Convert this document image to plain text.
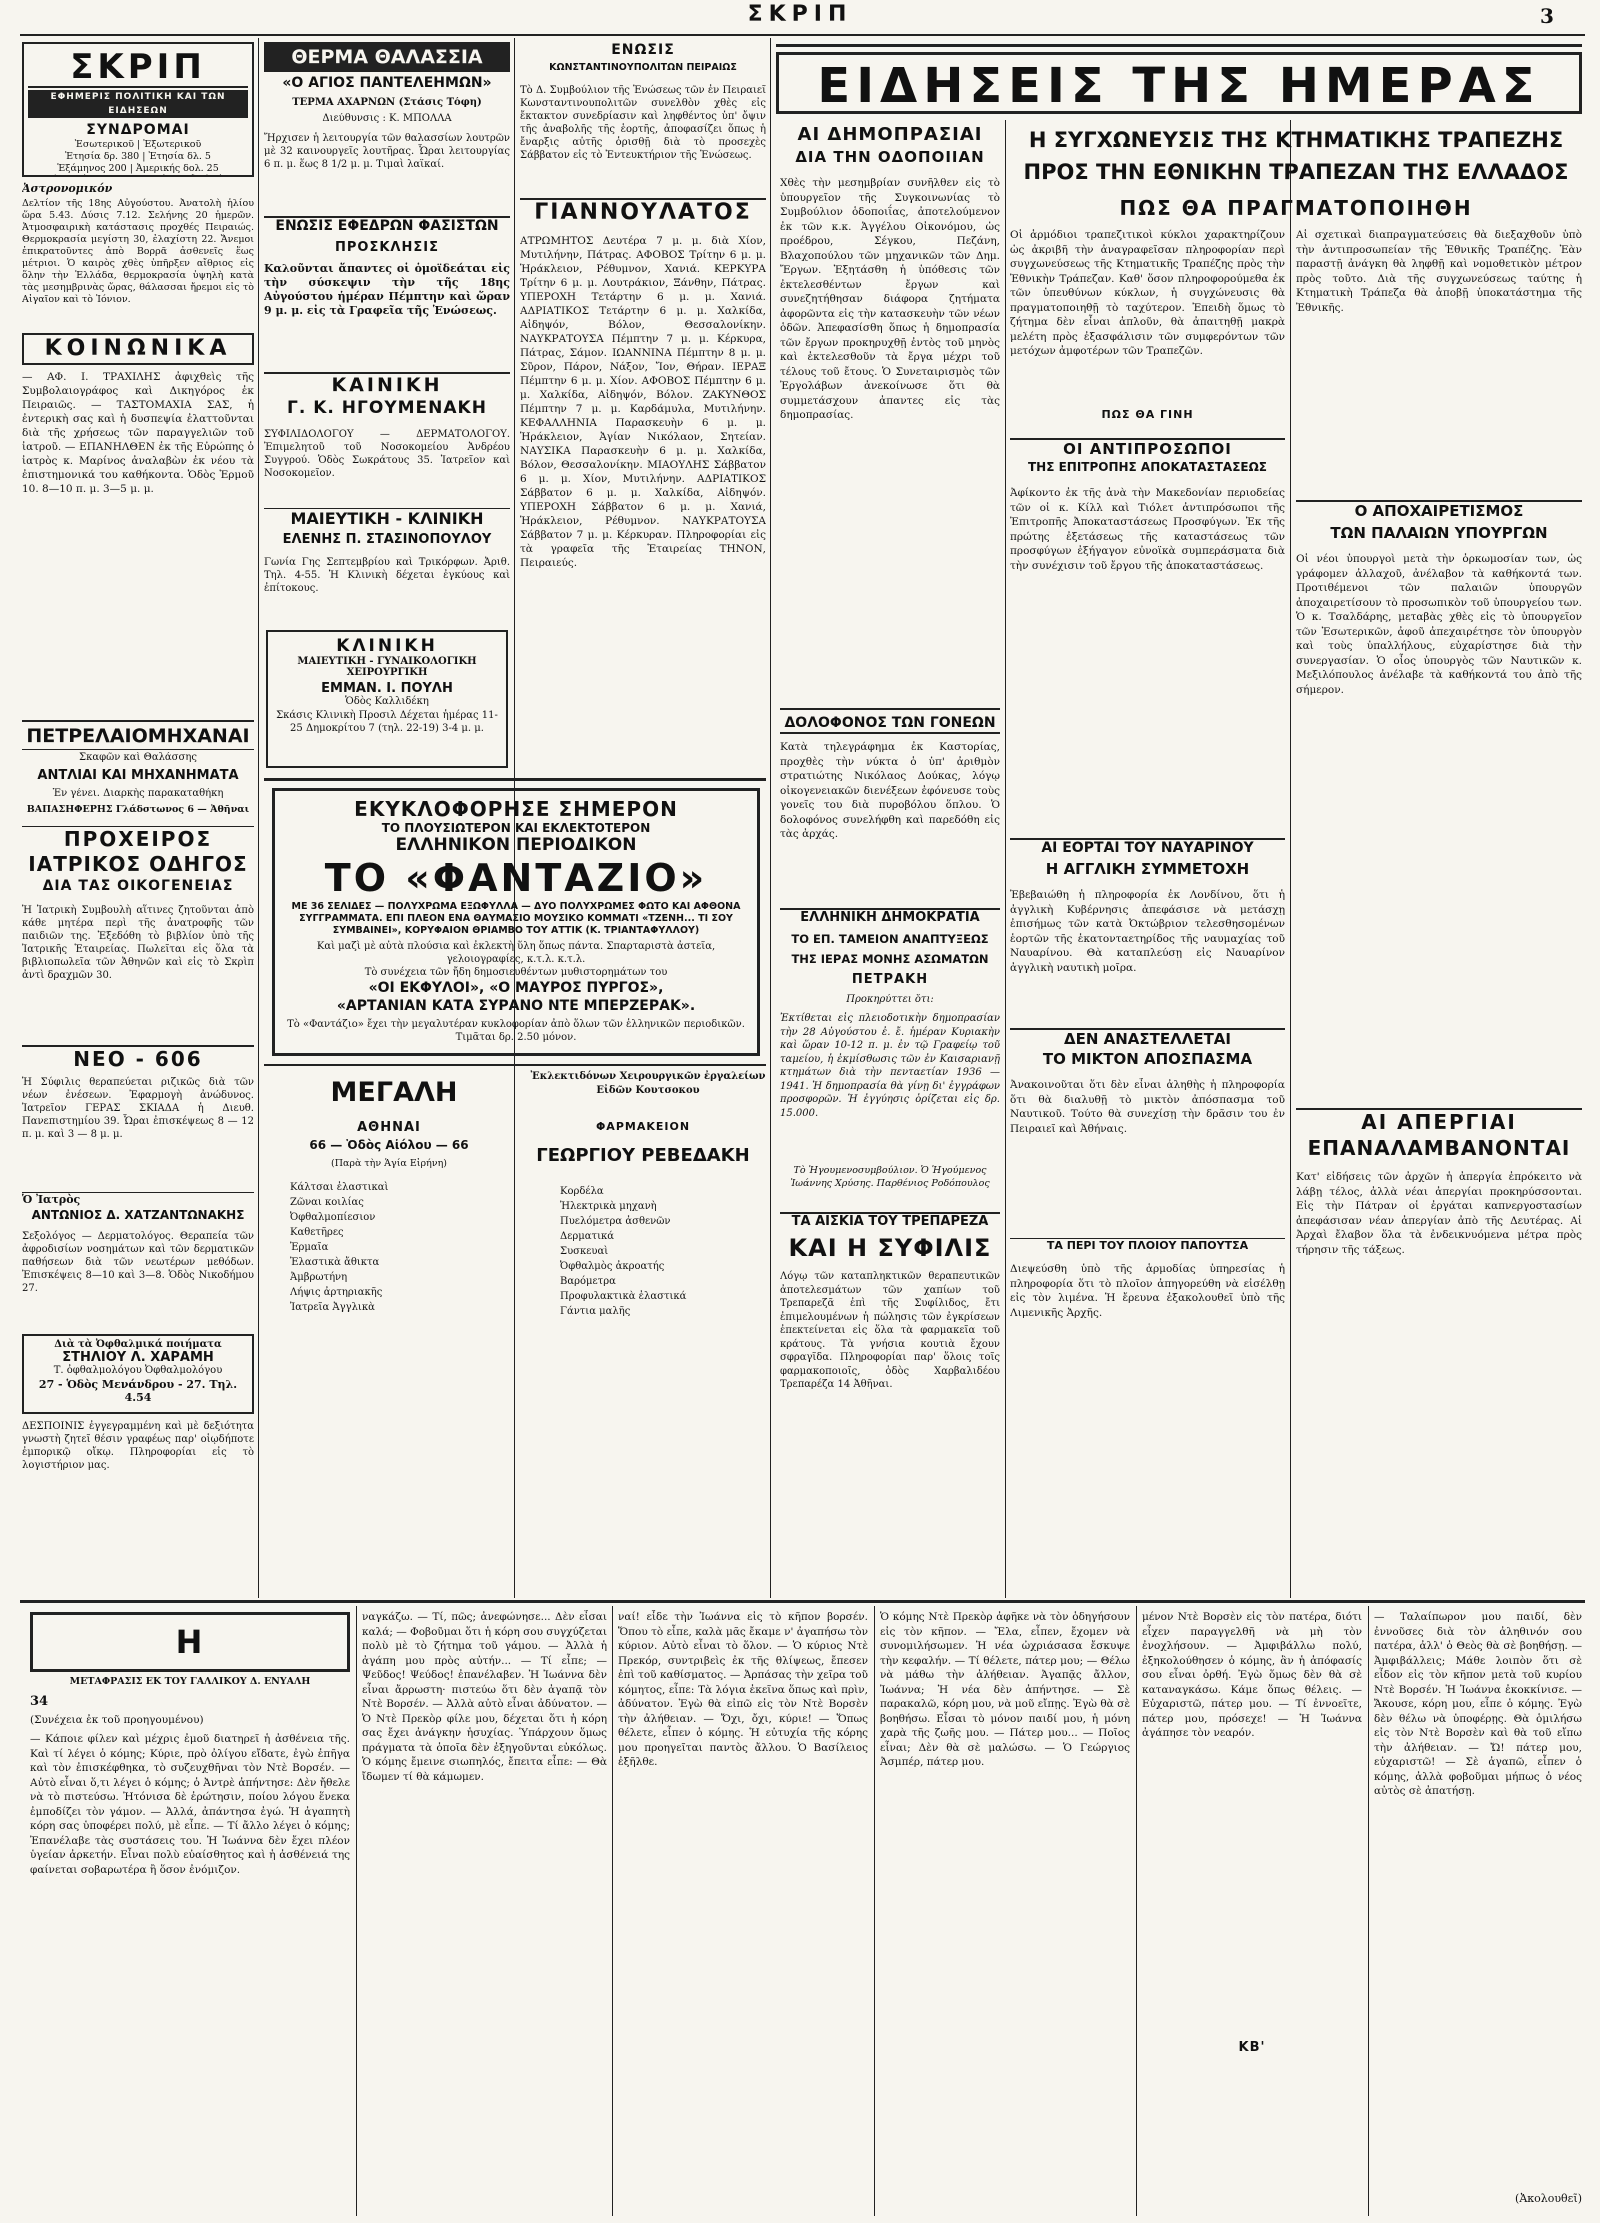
ΣΚΡΙΠ	3
ΣΚΡΙΠ
ΕΦΗΜΕΡΙΣ ΠΟΛΙΤΙΚΗ ΚΑΙ ΤΩΝ ΕΙΔΗΣΕΩΝ
ΣΥΝΔΡΟΜΑΙ
Ἐσωτερικοῦ | Ἐξωτερικοῦ
Ἐτησία δρ. 380 | Ἐτησία δλ. 5
Ἑξάμηνος 200 | Ἀμερικής δολ. 25
Ἀστρονομικόν
Δελτίον τῆς 18ης Αὐγούστου. Ἀνατολὴ ἡλίου ὥρα 5.43. Δύσις 7.12. Σελήνης 20 ἡμερῶν. Ἀτμοσφαιρικὴ κατάστασις προχθές Πειραιώς. Θερμοκρασία μεγίστη 30, ἐλαχίστη 22. Ἄνεμοι ἐπικρατοῦντες ἀπὸ Βορρᾶ ἀσθενεῖς ἕως μέτριοι. Ὁ καιρὸς χθὲς ὑπῆρξεν αἴθριος εἰς ὅλην τὴν Ἑλλάδα, θερμοκρασία ὑψηλὴ κατὰ τὰς μεσημβρινὰς ὥρας, θάλασσαι ἤρεμοι εἰς τὸ Αἰγαῖον καὶ τὸ Ἰόνιον.
ΚΟΙΝΩΝΙΚΑ
— ΑΦ. Ι. ΤΡΑΧΙΛΗΣ ἀφιχθεὶς τῆς Συμβολαιογράφος καὶ Δικηγόρος ἐκ Πειραιῶς. — ΤΑΣΤΟΜΑΧΙΑ ΣΑΣ, ἡ ἐντερικὴ σας καὶ ἡ δυσπεψία ἐλαττοῦνται διὰ τῆς χρήσεως τῶν παραγγελιῶν τοῦ ἰατροῦ. — ΕΠΑΝΗΛΘΕΝ ἐκ τῆς Εὐρώπης ὁ ἰατρὸς κ. Μαρίνος ἀναλαβὼν ἐκ νέου τὰ ἐπιστημονικά του καθήκοντα. Ὁδὸς Ἑρμοῦ 10. 8—10 π. μ. 3—5 μ. μ.
ΠΕΤΡΕΛΑΙΟΜΗΧΑΝΑΙ
Σκαφῶν καὶ Θαλάσσης
ΑΝΤΛΙΑΙ ΚΑΙ ΜΗΧΑΝΗΜΑΤΑ
Ἐν γένει. Διαρκὴς παρακαταθήκη
ΒΑΠΑΣΗΦΕΡΗΣ Γλάδστωνος 6 — Ἀθῆναι
ΠΡΟΧΕΙΡΟΣ
ΙΑΤΡΙΚΟΣ ΟΔΗΓΟΣ
ΔΙΑ ΤΑΣ ΟΙΚΟΓΕΝΕΙΑΣ
Ἡ Ἰατρικὴ Συμβουλὴ αἵτινες ζητοῦνται ἀπὸ κάθε μητέρα περὶ τῆς ἀνατροφῆς τῶν παιδιῶν της. Ἐξεδόθη τὸ βιβλίον ὑπὸ τῆς Ἰατρικῆς Ἑταιρείας. Πωλεῖται εἰς ὅλα τὰ βιβλιοπωλεῖα τῶν Ἀθηνῶν καὶ εἰς τὸ Σκρὶπ ἀντὶ δραχμῶν 30.
ΝΕΟ - 606
Ἡ Σύφιλις θεραπεύεται ριζικῶς διὰ τῶν νέων ἐνέσεων. Ἐφαρμογὴ ἀνώδυνος. Ἰατρεῖον ΓΕΡΑΣ ΣΚΙΑΔΑ ἡ Διευθ. Πανεπιστημίου 39. Ὧραι ἐπισκέψεως 8 — 12 π. μ. καὶ 3 — 8 μ. μ.
Ὁ Ἰατρὸς
ΑΝΤΩΝΙΟΣ Δ. ΧΑΤΖΑΝΤΩΝΑΚΗΣ
Σεξολόγος — Δερματολόγος. Θεραπεία τῶν ἀφροδισίων νοσημάτων καὶ τῶν δερματικῶν παθήσεων διὰ τῶν νεωτέρων μεθόδων. Ἐπισκέψεις 8—10 καὶ 3—8. Ὁδὸς Νικοδήμου 27.
Διὰ τὰ Ὀφθαλμικά ποιήματα
ΣΤΗΛΙΟΥ Λ. ΧΑΡΑΜΗ
Τ. ὀφθαλμολόγου Ὀφθαλμολόγου
27 - Ὁδὸς Μενάνδρου - 27. Τηλ. 4.54
ΔΕΣΠΟΙΝΙΣ ἐγγεγραμμένη καὶ μὲ δεξιότητα γνωστὴ ζητεῖ θέσιν γραφέως παρ' οἱῳδήποτε ἐμπορικῷ οἴκῳ. Πληροφορίαι εἰς τὸ λογιστήριον μας.
ΘΕΡΜΑ ΘΑΛΑΣΣΙΑ
«Ο ΑΓΙΟΣ ΠΑΝΤΕΛΕΗΜΩΝ»
ΤΕΡΜΑ ΑΧΑΡΝΩΝ (Στάσις Τόφη)
Διεύθυνσις : Κ. ΜΠΟΛΛΑ
Ἤρχισεν ἡ λειτουργία τῶν θαλασσίων λουτρῶν μὲ 32 καινουργεῖς λουτῆρας. Ὧραι λειτουργίας 6 π. μ. ἕως 8 1/2 μ. μ. Τιμαὶ λαϊκαί.
ΕΝΩΣΙΣ ΕΦΕΔΡΩΝ ΦΑΣΙΣΤΩΝ
ΠΡΟΣΚΛΗΣΙΣ
Καλοῦνται ἅπαντες οἱ ὁμοϊδεάται εἰς τὴν σύσκεψιν τὴν τῆς 18ης Αὐγούστου ἡμέραν Πέμπτην καὶ ὥραν 9 μ. μ. εἰς τὰ Γραφεῖα τῆς Ἑνώσεως.
ΚΑΙΝΙΚΗ
Γ. Κ. ΗΓΟΥΜΕΝΑΚΗ
ΣΥΦΙΛΙΔΟΛΟΓΟΥ — ΔΕΡΜΑΤΟΛΟΓΟΥ. Ἐπιμελητοῦ τοῦ Νοσοκομείου Ἀνδρέου Συγγρού. Ὁδὸς Σωκράτους 35. Ἰατρεῖον καὶ Νοσοκομεῖον.
ΜΑΙΕΥΤΙΚΗ - ΚΛΙΝΙΚΗ
ΕΛΕΝΗΣ Π. ΣΤΑΣΙΝΟΠΟΥΛΟΥ
Γωνία Γης Σεπτεμβρίου καὶ Τρικόρφων. Ἀριθ. Τηλ. 4-55. Ἡ Κλινικὴ δέχεται ἐγκύους καὶ ἐπίτοκους.
ΚΛΙΝΙΚΗ
ΜΑΙΕΥΤΙΚΗ - ΓΥΝΑΙΚΟΛΟΓΙΚΗ ΧΕΙΡΟΥΡΓΙΚΗ
ΕΜΜΑΝ. Ι. ΠΟΥΛΗ
Ὁδὸς Καλλιδέκη
Σκάσις Κλινικὴ Προσιλ Δέχεται ἡμέρας 11-25 Δημοκρίτου 7 (τηλ. 22-19) 3-4 μ. μ.
ΕΝΩΣΙΣ
ΚΩΝΣΤΑΝΤΙΝΟΥΠΟΛΙΤΩΝ ΠΕΙΡΑΙΩΣ
Τὸ Δ. Συμβούλιον τῆς Ἑνώσεως τῶν ἐν Πειραιεῖ Κωνσταντινουπολιτῶν συνελθὸν χθὲς εἰς ἔκτακτον συνεδρίασιν καὶ ληφθέντος ὑπ' ὄψιν τῆς ἀναβολῆς τῆς ἑορτῆς, ἀποφασίζει ὅπως ἡ ἔναρξις αὐτῆς ὁρισθῇ διὰ τὸ προσεχὲς Σάββατον εἰς τὸ Ἐντευκτήριον τῆς Ἑνώσεως.
ΓΙΑΝΝΟΥΛΑΤΟΣ
ΑΤΡΩΜΗΤΟΣ Δευτέρα 7 μ. μ. διὰ Χίον, Μυτιλήνην, Πάτρας. ΑΦΟΒΟΣ Τρίτην 6 μ. μ. Ἡράκλειον, Ρέθυμνον, Χανιά. ΚΕΡΚΥΡΑ Τρίτην 6 μ. μ. Λουτράκιον, Ξάνθην, Πάτρας. ΥΠΕΡΟΧΗ Τετάρτην 6 μ. μ. Χανιά. ΑΔΡΙΑΤΙΚΟΣ Τετάρτην 6 μ. μ. Χαλκίδα, Αἰδηψόν, Βόλον, Θεσσαλονίκην. ΝΑΥΚΡΑΤΟΥΣΑ Πέμπτην 7 μ. μ. Κέρκυρα, Πάτρας, Σάμον. ΙΩΑΝΝΙΝΑ Πέμπτην 8 μ. μ. Σῦρον, Πάρον, Νάξον, Ἴον, Θήραν. ΙΕΡΑΞ Πέμπτην 6 μ. μ. Χίον. ΑΦΟΒΟΣ Πέμπτην 6 μ. μ. Χαλκίδα, Αἰδηψόν, Βόλον. ΖΑΚΥΝΘΟΣ Πέμπτην 7 μ. μ. Καρδάμυλα, Μυτιλήνην. ΚΕΦΑΛΛΗΝΙΑ Παρασκευὴν 6 μ. μ. Ἡράκλειον, Ἀγίαν Νικόλαον, Σητείαν. ΝΑΥΣΙΚΑ Παρασκευὴν 6 μ. μ. Χαλκίδα, Βόλον, Θεσσαλονίκην. ΜΙΑΟΥΛΗΣ Σάββατον 6 μ. μ. Χίον, Μυτιλήνην. ΑΔΡΙΑΤΙΚΟΣ Σάββατον 6 μ. μ. Χαλκίδα, Αἰδηψόν. ΥΠΕΡΟΧΗ Σάββατον 6 μ. μ. Χανιά, Ἡράκλειον, Ρέθυμνον. ΝΑΥΚΡΑΤΟΥΣΑ Σάββατον 7 μ. μ. Κέρκυραν. Πληροφορίαι εἰς τὰ γραφεῖα τῆς Ἑταιρείας ΤΗΝΟΝ, Πειραιεύς.
ΕΚΥΚΛΟΦΟΡΗΣΕ ΣΗΜΕΡΟΝ
ΤΟ ΠΛΟΥΣΙΩΤΕΡΟΝ ΚΑΙ ΕΚΛΕΚΤΟΤΕΡΟΝ
ΕΛΛΗΝΙΚΟΝ ΠΕΡΙΟΔΙΚΟΝ
ΤΟ «ΦΑΝΤΑΖΙΟ»
ΜΕ 36 ΣΕΛΙΔΕΣ — ΠΟΛΥΧΡΩΜΑ ΕΞΩΦΥΛΛΑ — ΔΥΟ ΠΟΛΥΧΡΩΜΕΣ ΦΩΤΟ ΚΑΙ ΑΦΘΟΝΑ ΣΥΓΓΡΑΜΜΑΤΑ. ΕΠΙ ΠΛΕΟΝ ΕΝΑ ΘΑΥΜΑΣΙΟ ΜΟΥΣΙΚΟ ΚΟΜΜΑΤΙ «ΤΖΕΝΗ... ΤΙ ΣΟΥ ΣΥΜΒΑΙΝΕΙ», ΚΟΡΥΦΑΙΟΝ ΘΡΙΑΜΒΟ ΤΟΥ ΑΤΤΙΚ (Κ. ΤΡΙΑΝΤΑΦΥΛΛΟΥ)
Καὶ μαζὶ μὲ αὐτὰ πλούσια καὶ ἐκλεκτὴ ὕλη ὅπως πάντα. Σπαρταριστὰ ἀστεῖα, γελοιογραφίες, κ.τ.λ. κ.τ.λ.
Τὸ συνέχεια τῶν ἤδη δημοσιευθέντων μυθιστορημάτων του
«ΟΙ ΕΚΦΥΛΟΙ», «Ο ΜΑΥΡΟΣ ΠΥΡΓΟΣ»,
«ΑΡΤΑΝΙΑΝ ΚΑΤΑ ΣΥΡΑΝΟ ΝΤΕ ΜΠΕΡΖΕΡΑΚ».
Τὸ «Φαντάζιο» ἔχει τὴν μεγαλυτέραν κυκλοφορίαν ἀπὸ ὅλων τῶν ἑλληνικῶν περιοδικῶν. Τιμᾶται δρ. 2.50 μόνον.
ΜΕΓΑΛΗ
Ἐκλεκτιδόνων Χειρουργικῶν ἐργαλείων Εἰδῶν Κουτσοκου
ΑΘΗΝΑΙ
66 — Ὁδὸς Αἰόλου — 66
(Παρὰ τὴν Ἁγία Εἰρήνη)
Κάλτσαι ἐλαστικαὶ
Ζῶναι κοιλίας
Ὀφθαλμοπίεσιον
Καθετῆρες
Ἐρμαῖα
Ἐλαστικὰ ἄθικτα
Ἀμβρωτήνη
Λήψις ἀρτηριακῆς
Ἰατρεῖα Ἀγγλικὰ
ΦΑΡΜΑΚΕΙΟΝ
ΓΕΩΡΓΙΟΥ ΡΕΒΕΔΑΚΗ
Κορδέλα
Ἠλεκτρικὰ μηχανὴ
Πυελόμετρα ἀσθενῶν
Δερματικά
Συσκευαὶ
Ὀφθαλμὸς ἀκροατής
Βαρόμετρα
Προφυλακτικὰ ἐλαστικά
Γάντια μαλῆς
ΕΙΔΗΣΕΙΣ ΤΗΣ ΗΜΕΡΑΣ
ΑΙ ΔΗΜΟΠΡΑΣΙΑΙ
ΔΙΑ ΤΗΝ ΟΔΟΠΟΙΙΑΝ
Χθὲς τὴν μεσημβρίαν συνῆλθεν εἰς τὸ ὑπουργεῖον τῆς Συγκοινωνίας τὸ Συμβούλιον ὁδοποιΐας, ἀποτελούμενον ἐκ τῶν κ.κ. Ἀγγέλου Οἰκονόμου, ὡς προέδρου, Σέγκου, Πεζάνη, Βλαχοπούλου τῶν μηχανικῶν τῶν Δημ. Ἔργων. Ἐξητάσθη ἡ ὑπόθεσις τῶν ἐκτελεσθέντων ἔργων καὶ συνεζητήθησαν διάφορα ζητήματα ἀφορῶντα εἰς τὴν κατασκευὴν τῶν νέων ὁδῶν. Ἀπεφασίσθη ὅπως ἡ δημοπρασία τῶν ἔργων προκηρυχθῇ ἐντὸς τοῦ μηνὸς καὶ ἐκτελεσθοῦν τὰ ἔργα μέχρι τοῦ τέλους τοῦ ἔτους. Ὁ Συνεταιρισμὸς τῶν Ἐργολάβων ἀνεκοίνωσε ὅτι θὰ συμμετάσχουν ἀπαντες εἰς τὰς δημοπρασίας.
ΔΟΛΟΦΟΝΟΣ ΤΩΝ ΓΟΝΕΩΝ
Κατὰ τηλεγράφημα ἐκ Καστορίας, προχθὲς τὴν νύκτα ὁ ὑπ' ἀριθμὸν στρατιώτης Νικόλαος Δούκας, λόγῳ οἰκογενειακῶν διενέξεων ἐφόνευσε τοὺς γονεῖς του διὰ πυροβόλου ὅπλου. Ὁ δολοφόνος συνελήφθη καὶ παρεδόθη εἰς τὰς ἀρχάς.
ΕΛΛΗΝΙΚΗ ΔΗΜΟΚΡΑΤΙΑ
ΤΟ ΕΠ. ΤΑΜΕΙΟΝ ΑΝΑΠΤΥΞΕΩΣ
ΤΗΣ ΙΕΡΑΣ ΜΟΝΗΣ ΑΣΩΜΑΤΩΝ
ΠΕΤΡΑΚΗ
Προκηρύττει ὅτι:
Ἐκτίθεται εἰς πλειοδοτικὴν δημοπρασίαν τὴν 28 Αὐγούστου ἐ. ἔ. ἡμέραν Κυριακὴν καὶ ὥραν 10-12 π. μ. ἐν τῷ Γραφείῳ τοῦ ταμείου, ἡ ἐκμίσθωσις τῶν ἐν Καισαριανῇ κτημάτων διὰ τὴν πενταετίαν 1936 — 1941. Ἡ δημοπρασία θὰ γίνῃ δι' ἐγγράφων προσφορῶν. Ἡ ἐγγύησις ὁρίζεται εἰς δρ. 15.000.
Τὸ Ἡγουμενοσυμβούλιον. Ὁ Ἡγούμενος Ἰωάννης Χρύσης. Παρθένιος Ροδόπουλος
ΤΑ ΑΙΣΚΙΑ ΤΟΥ ΤΡΕΠΑΡΕΖΑ
ΚΑΙ Η ΣΥΦΙΛΙΣ
Λόγῳ τῶν καταπληκτικῶν θεραπευτικῶν ἀποτελεσμάτων τῶν χαπίων τοῦ Τρεπαρεζᾶ ἐπὶ τῆς Συφίλιδος, ἔτι ἐπιμελουμένων ἡ πώλησις τῶν ἐγκρίσεων ἐπεκτείνεται εἰς ὅλα τὰ φαρμακεῖα τοῦ κράτους. Τὰ γνήσια κουτιὰ ἔχουν σφραγῖδα. Πληροφορίαι παρ' ὅλοις τοῖς φαρμακοποιοῖς, ὁδὸς Χαρβαλιδέου Τρεπαρέζα 14 Ἀθῆναι.
Η ΣΥΓΧΩΝΕΥΣΙΣ ΤΗΣ ΚΤΗΜΑΤΙΚΗΣ ΤΡΑΠΕΖΗΣ ΠΡΟΣ ΤΗΝ ΕΘΝΙΚΗΝ ΤΡΑΠΕΖΑΝ ΤΗΣ ΕΛΛΑΔΟΣ
ΠΩΣ ΘΑ ΠΡΑΓΜΑΤΟΠΟΙΗΘΗ
Οἱ ἁρμόδιοι τραπεζιτικοὶ κύκλοι χαρακτηρίζουν ὡς ἀκριβῆ τὴν ἀναγραφεῖσαν πληροφορίαν περὶ συγχωνεύσεως τῆς Κτηματικῆς Τραπέζης πρὸς τὴν Ἐθνικὴν Τράπεζαν. Καθ' ὅσον πληροφορούμεθα ἐκ τῶν ὑπευθύνων κύκλων, ἡ συγχώνευσις θὰ πραγματοποιηθῇ τὸ ταχύτερον. Ἐπειδὴ ὅμως τὸ ζήτημα δὲν εἶναι ἁπλοῦν, θὰ ἀπαιτηθῇ μακρὰ μελέτη πρὸς ἐξασφάλισιν τῶν συμφερόντων τῶν μετόχων ἀμφοτέρων τῶν Τραπεζῶν.
ΠΩΣ ΘΑ ΓΙΝΗ
Αἱ σχετικαὶ διαπραγματεύσεις θὰ διεξαχθοῦν ὑπὸ τὴν ἀντιπροσωπείαν τῆς Ἐθνικῆς Τραπέζης. Ἐὰν παραστῇ ἀνάγκη θὰ ληφθῇ καὶ νομοθετικὸν μέτρον πρὸς τοῦτο. Διὰ τῆς συγχωνεύσεως ταύτης ἡ Κτηματικὴ Τράπεζα θὰ ἀποβῇ ὑποκατάστημα τῆς Ἐθνικῆς.
ΟΙ ΑΝΤΙΠΡΟΣΩΠΟΙ
ΤΗΣ ΕΠΙΤΡΟΠΗΣ ΑΠΟΚΑΤΑΣΤΑΣΕΩΣ
Ἀφίκοντο ἐκ τῆς ἀνὰ τὴν Μακεδονίαν περιοδείας τῶν οἱ κ. Κίλλ καὶ Τιόλετ ἀντιπρόσωποι τῆς Ἐπιτροπῆς Ἀποκαταστάσεως Προσφύγων. Ἐκ τῆς πρώτης ἐξετάσεως τῆς καταστάσεως τῶν προσφύγων ἐξήγαγον εὐνοϊκὰ συμπεράσματα διὰ τὴν συνέχισιν τοῦ ἔργου τῆς ἀποκαταστάσεως.
ΑΙ ΕΟΡΤΑΙ ΤΟΥ ΝΑΥΑΡΙΝΟΥ
Η ΑΓΓΛΙΚΗ ΣΥΜΜΕΤΟΧΗ
Ἐβεβαιώθη ἡ πληροφορία ἐκ Λονδίνου, ὅτι ἡ ἀγγλικὴ Κυβέρνησις ἀπεφάσισε νὰ μετάσχῃ ἐπισήμως τῶν κατὰ Ὀκτώβριον τελεσθησομένων ἑορτῶν τῆς ἑκατονταετηρίδος τῆς ναυμαχίας τοῦ Ναυαρίνου. Θὰ καταπλεύσῃ εἰς Ναυαρίνον ἀγγλικὴ ναυτικὴ μοῖρα.
ΔΕΝ ΑΝΑΣΤΕΛΛΕΤΑΙ
ΤΟ ΜΙΚΤΟΝ ΑΠΟΣΠΑΣΜΑ
Ἀνακοινοῦται ὅτι δὲν εἶναι ἀληθὴς ἡ πληροφορία ὅτι θὰ διαλυθῇ τὸ μικτὸν ἀπόσπασμα τοῦ Ναυτικοῦ. Τούτο θὰ συνεχίσῃ τὴν δρᾶσιν του ἐν Πειραιεῖ καὶ Ἀθήναις.
ΤΑ ΠΕΡΙ ΤΟΥ ΠΛΟΙΟΥ ΠΑΠΟΥΤΣΑ
Διεψεύσθη ὑπὸ τῆς ἁρμοδίας ὑπηρεσίας ἡ πληροφορία ὅτι τὸ πλοῖον ἀπηγορεύθη νὰ εἰσέλθῃ εἰς τὸν λιμένα. Ἡ ἔρευνα ἐξακολουθεῖ ὑπὸ τῆς Λιμενικῆς Ἀρχῆς.
Ο ΑΠΟΧΑΙΡΕΤΙΣΜΟΣ
ΤΩΝ ΠΑΛΑΙΩΝ ΥΠΟΥΡΓΩΝ
Οἱ νέοι ὑπουργοὶ μετὰ τὴν ὁρκωμοσίαν των, ὡς γράφομεν ἀλλαχοῦ, ἀνέλαβον τὰ καθήκοντά των. Προτιθέμενοι τῶν παλαιῶν ὑπουργῶν ἀποχαιρετίσουν τὸ προσωπικὸν τοῦ ὑπουργείου των. Ὁ κ. Τσαλδάρης, μεταβὰς χθὲς εἰς τὸ ὑπουργεῖον τῶν Ἐσωτερικῶν, ἀφοῦ ἀπεχαιρέτησε τὸν ὑπουργὸν καὶ τοὺς ὑπαλλήλους, εὐχαρίστησε διὰ τὴν συνεργασίαν. Ὁ οἶος ὑπουργὸς τῶν Ναυτικῶν κ. Μεξιλόπουλος ἀνέλαβε τὰ καθήκοντά του ἀπὸ τῆς σήμερον.
ΑΙ ΑΠΕΡΓΙΑΙ
ΕΠΑΝΑΛΑΜΒΑΝΟΝΤΑΙ
Κατ' εἰδήσεις τῶν ἀρχῶν ἡ ἀπεργία ἐπρόκειτο νὰ λάβῃ τέλος, ἀλλὰ νέαι ἀπεργίαι προκηρύσσονται. Εἰς τὴν Πάτραν οἱ ἐργάται καπνεργοστασίων ἀπεφάσισαν νέαν ἀπεργίαν ἀπὸ τῆς Δευτέρας. Αἱ Ἀρχαὶ ἔλαβον ὅλα τὰ ἐνδεικνυόμενα μέτρα πρὸς τήρησιν τῆς τάξεως.
Η
ΜΕΤΑΦΡΑΣΙΣ ΕΚ ΤΟΥ ΓΑΛΛΙΚΟΥ Δ. ΕΝΥΑΛΗ
34
(Συνέχεια ἐκ τοῦ προηγουμένου)
— Κάποιε φίλεν καὶ μέχρις ἐμοῦ διατηρεῖ ἡ ἀσθένεια τῆς. Καὶ τί λέγει ὁ κόμης; Κύριε, πρὸ ὀλίγου εἴδατε, ἐγὼ ἐπῆγα καὶ τὸν ἐπισκέφθηκα, τὸ συζευχθῆναι τὸν Ντὲ Βορσέν. — Αὐτὸ εἶναι ὅ,τι λέγει ὁ κόμης; ὁ Ἀντρὲ ἀπήντησε: Δὲν ἤθελε νὰ τὸ πιστεύσω. Ἠτόνισα δὲ ἐρώτησιν, ποίου λόγου ἕνεκα ἐμποδίζει τὸν γάμον. — Ἀλλά, ἀπάντησα ἐγώ. Ἡ ἀγαπητὴ κόρη σας ὑποφέρει πολύ, μὲ εἶπε. — Τί ἄλλο λέγει ὁ κόμης; Ἐπανέλαβε τὰς συστάσεις του. Ἡ Ἰωάννα δὲν ἔχει πλέον ὑγείαν ἀρκετήν. Εἶναι πολὺ εὐαίσθητος καὶ ἡ ἀσθένειά της φαίνεται σοβαρωτέρα ἢ ὅσον ἐνόμιζον.
ναγκάζω. — Τί, πῶς; ἀνεφώνησε... Δὲν εἶσαι καλά; — Φοβοῦμαι ὅτι ἡ κόρη σου συγχύζεται πολὺ μὲ τὸ ζήτημα τοῦ γάμου. — Ἀλλὰ ἡ ἀγάπη μου πρὸς αὐτήν... — Τί εἶπε; — Ψεῦδος! Ψεύδος! ἐπανέλαβεν. Ἡ Ἰωάννα δὲν εἶναι ἄρρωστη· πιστεύω ὅτι δὲν ἀγαπᾷ τὸν Ντὲ Βορσέν. — Ἀλλὰ αὐτὸ εἶναι ἀδύνατον. — Ὁ Ντὲ Πρεκὸρ φίλε μου, δέχεται ὅτι ἡ κόρη σας ἔχει ἀνάγκην ἡσυχίας. Ὑπάρχουν ὅμως πράγματα τὰ ὁποῖα δὲν ἐξηγοῦνται εὐκόλως. Ὁ κόμης ἔμεινε σιωπηλός, ἔπειτα εἶπε: — Θὰ ἴδωμεν τί θὰ κάμωμεν.
ναί! εἶδε τὴν Ἰωάννα εἰς τὸ κῆπον βορσέν. Ὅπου τὸ εἶπε, καλὰ μᾶς ἔκαμε ν' ἀγαπήσω τὸν κύριον. Αὐτὸ εἶναι τὸ ὅλον. — Ὁ κύριος Ντὲ Πρεκόρ, συντριβεὶς ἐκ τῆς θλίψεως, ἔπεσεν ἐπὶ τοῦ καθίσματος. — Ἀρπάσας τὴν χεῖρα τοῦ κόμητος, εἶπε: Τὰ λόγια ἐκεῖνα ὅπως καὶ πρὶν, ἀδύνατον. Ἐγὼ θὰ εἰπῶ εἰς τὸν Ντὲ Βορσὲν τὴν ἀλήθειαν. — Ὄχι, ὄχι, κύριε! — Ὅπως θέλετε, εἶπεν ὁ κόμης. Ἡ εὐτυχία τῆς κόρης μου προηγεῖται παντὸς ἄλλου. Ὁ Βασίλειος ἐξῆλθε.
Ὁ κόμης Ντὲ Πρεκὸρ ἀφῆκε νὰ τὸν ὁδηγήσουν εἰς τὸν κῆπον. — Ἔλα, εἶπεν, ἔχομεν νὰ συνομιλήσωμεν. Ἡ νέα ὠχριάσασα ἔσκυψε τὴν κεφαλήν. — Τί θέλετε, πάτερ μου; — Θέλω νὰ μάθω τὴν ἀλήθειαν. Ἀγαπᾷς ἄλλον, Ἰωάννα; Ἡ νέα δὲν ἀπήντησε. — Σὲ παρακαλῶ, κόρη μου, νὰ μοῦ εἴπῃς. Ἐγὼ θὰ σὲ βοηθήσω. Εἶσαι τὸ μόνον παιδί μου, ἡ μόνη χαρὰ τῆς ζωῆς μου. — Πάτερ μου... — Ποῖος εἶναι; Δὲν θὰ σὲ μαλώσω. — Ὁ Γεώργιος Ἀσμπέρ, πάτερ μου.
μένον Ντὲ Βορσὲν εἰς τὸν πατέρα, διότι εἶχεν παραγγελθῆ νὰ μὴ τὸν ἐνοχλήσουν. — Ἀμφιβάλλω πολύ, ἐξηκολούθησεν ὁ κόμης, ἂν ἡ ἀπόφασίς σου εἶναι ὀρθή. Ἐγὼ ὅμως δὲν θὰ σὲ καταναγκάσω. Κάμε ὅπως θέλεις. — Εὐχαριστῶ, πάτερ μου. — Τί ἐννοεῖτε, πάτερ μου, πρόσεχε! — Ἡ Ἰωάννα ἀγάπησε τὸν νεαρόν.
ΚΒ'
— Ταλαίπωρον μου παιδί, δὲν ἐννοῦσες διὰ τὸν ἀληθινόν σου πατέρα, ἀλλ' ὁ Θεὸς θὰ σὲ βοηθήσῃ. — Ἀμφιβάλλεις; Μάθε λοιπὸν ὅτι σὲ εἶδον εἰς τὸν κῆπον μετὰ τοῦ κυρίου Ντὲ Βορσέν. Ἡ Ἰωάννα ἐκοκκίνισε. — Ἄκουσε, κόρη μου, εἶπε ὁ κόμης. Ἐγὼ δὲν θέλω νὰ ὑποφέρῃς. Θὰ ὁμιλήσω εἰς τὸν Ντὲ Βορσὲν καὶ θὰ τοῦ εἴπω τὴν ἀλήθειαν. — Ὤ! πάτερ μου, εὐχαριστῶ! — Σὲ ἀγαπῶ, εἶπεν ὁ κόμης, ἀλλὰ φοβοῦμαι μήπως ὁ νέος αὐτὸς σὲ ἀπατήσῃ.
(Ἀκολουθεῖ)
